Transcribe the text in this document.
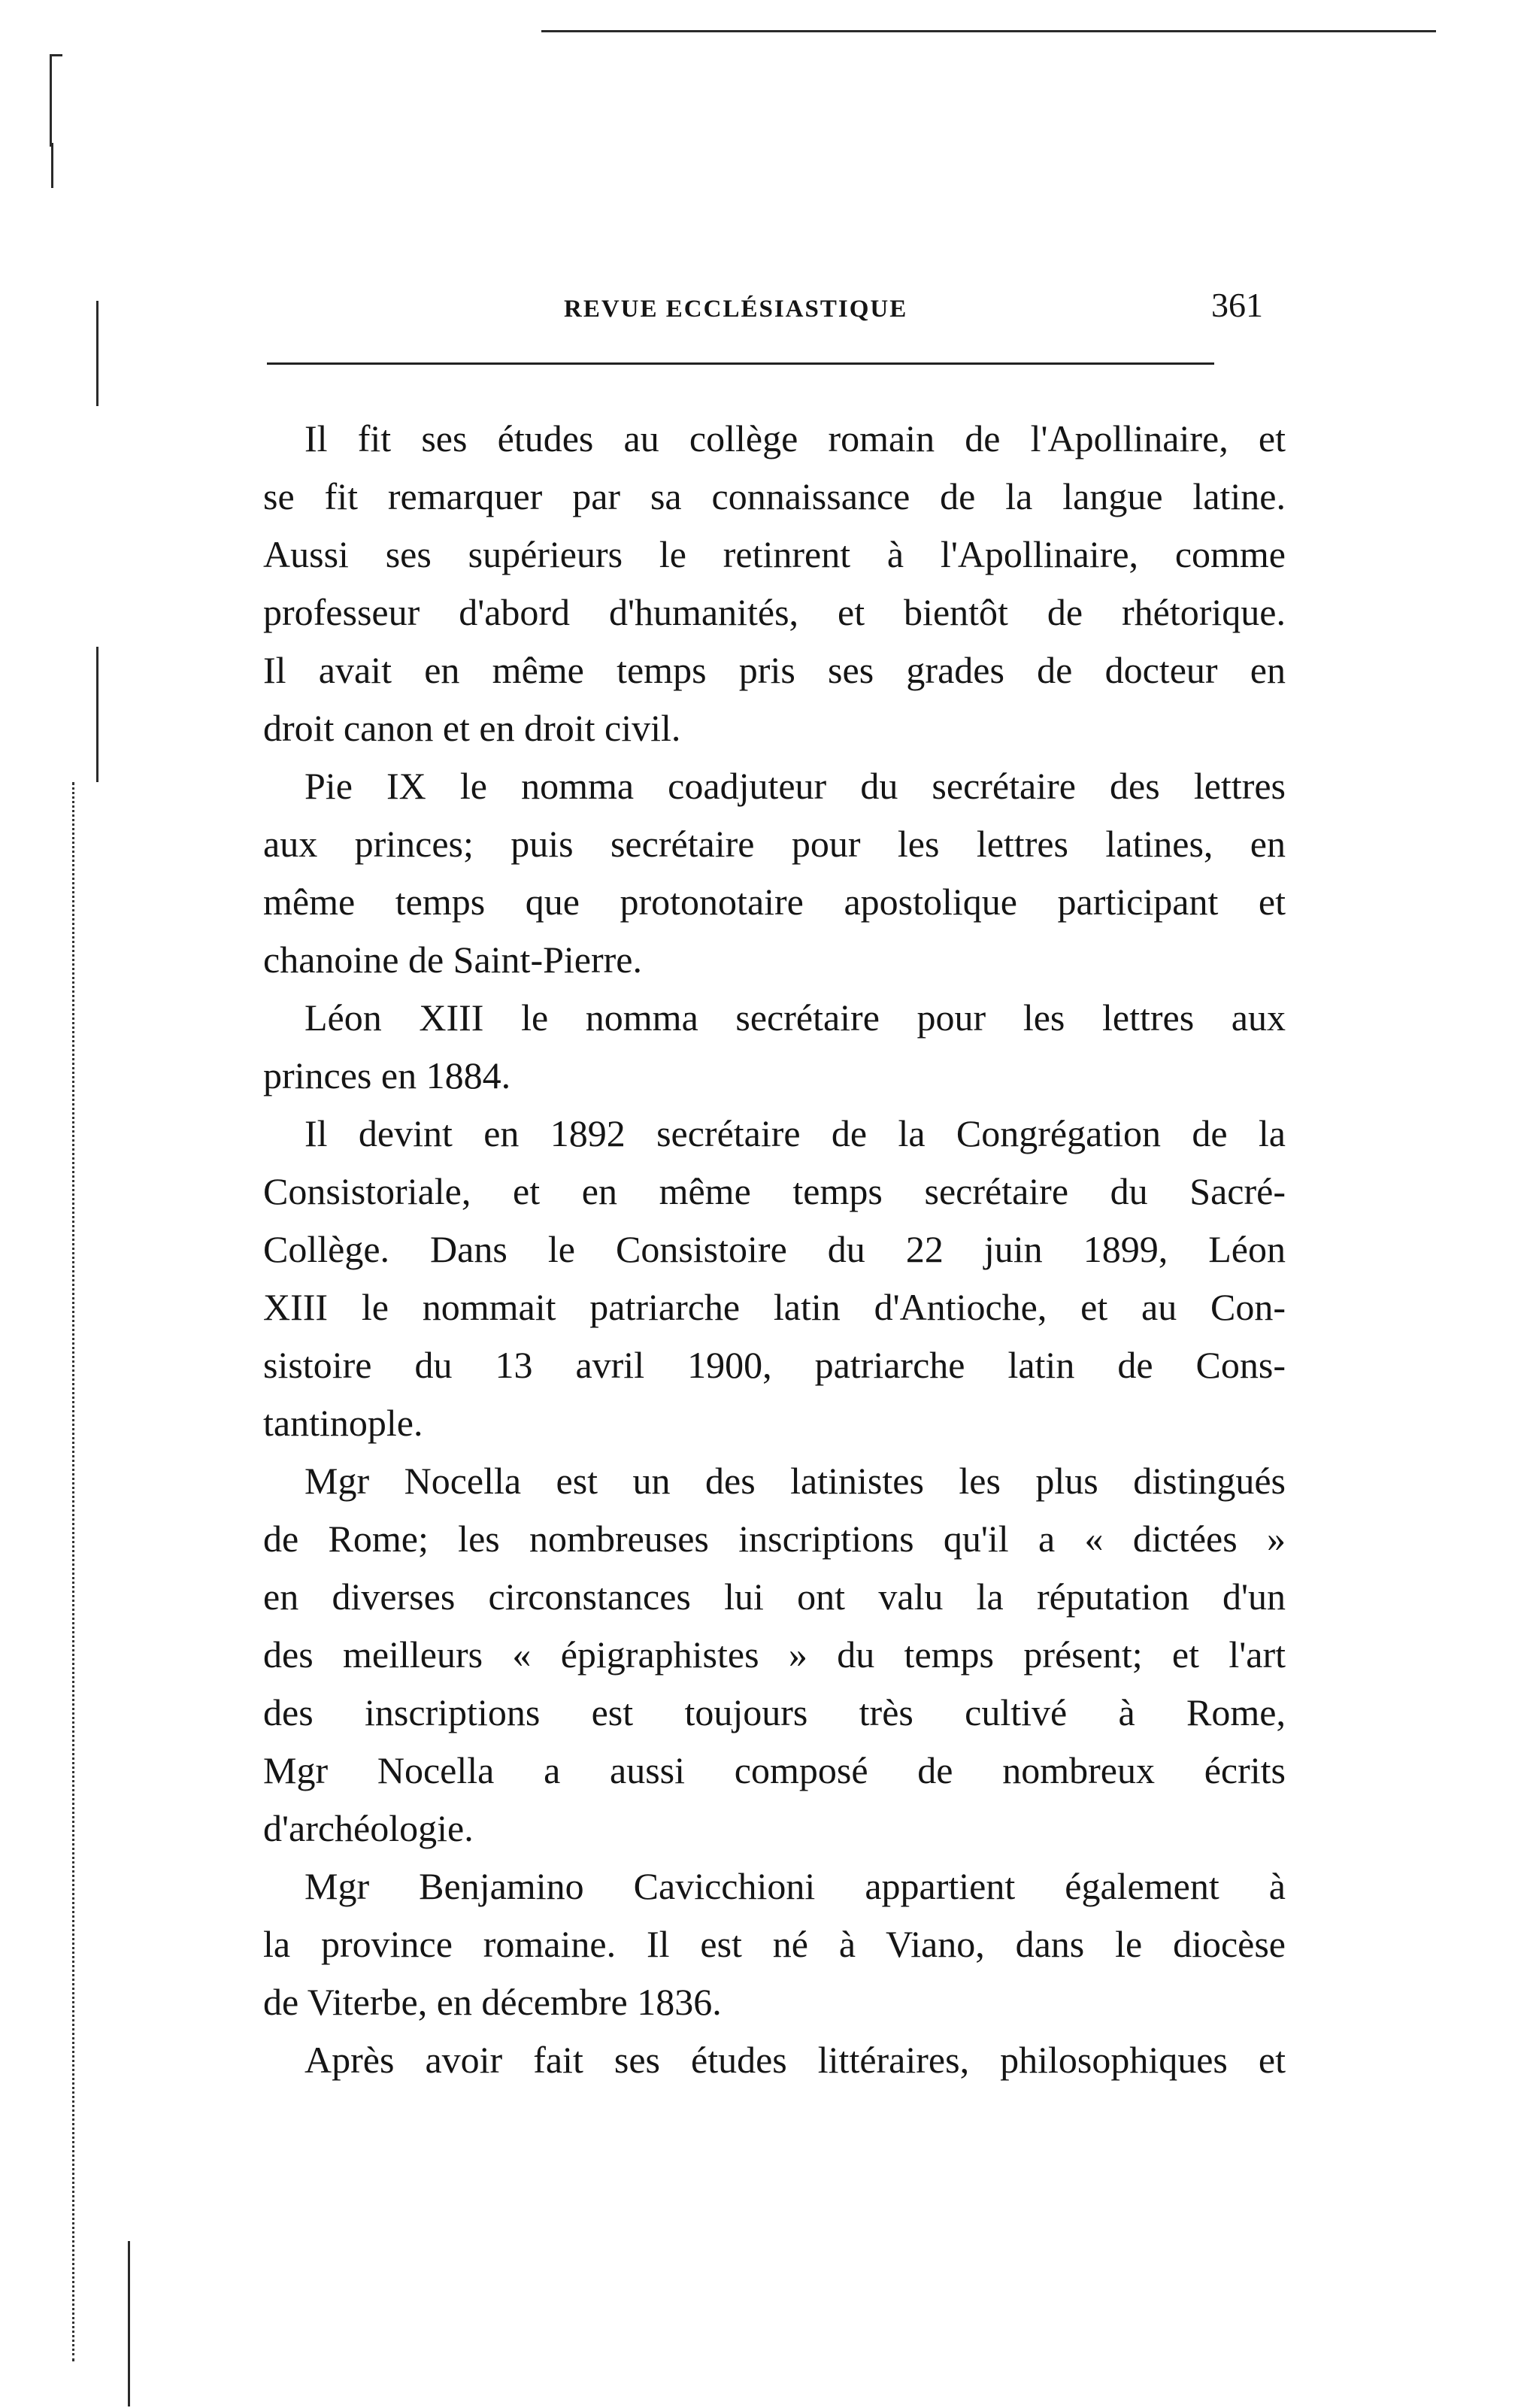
REVUE ECCLÉSIASTIQUE	361
Il fit ses études au collège romain de l'Apollinaire, et
se fit remarquer par sa connaissance de la langue latine.
Aussi ses supérieurs le retinrent à l'Apollinaire, comme
professeur d'abord d'humanités, et bientôt de rhétorique.
Il avait en même temps pris ses grades de docteur en
droit canon et en droit civil.
Pie IX le nomma coadjuteur du secrétaire des lettres
aux princes; puis secrétaire pour les lettres latines, en
même temps que protonotaire apostolique participant et
chanoine de Saint-Pierre.
Léon XIII le nomma secrétaire pour les lettres aux
princes en 1884.
Il devint en 1892 secrétaire de la Congrégation de la
Consistoriale, et en même temps secrétaire du Sacré-
Collège. Dans le Consistoire du 22 juin 1899, Léon
XIII le nommait patriarche latin d'Antioche, et au Con-
sistoire du 13 avril 1900, patriarche latin de Cons-
tantinople.
Mgr Nocella est un des latinistes les plus distingués
de Rome; les nombreuses inscriptions qu'il a « dictées »
en diverses circonstances lui ont valu la réputation d'un
des meilleurs « épigraphistes » du temps présent; et l'art
des inscriptions est toujours très cultivé à Rome,
Mgr Nocella a aussi composé de nombreux écrits
d'archéologie.
Mgr Benjamino Cavicchioni appartient également à
la province romaine. Il est né à Viano, dans le diocèse
de Viterbe, en décembre 1836.
Après avoir fait ses études littéraires, philosophiques et
